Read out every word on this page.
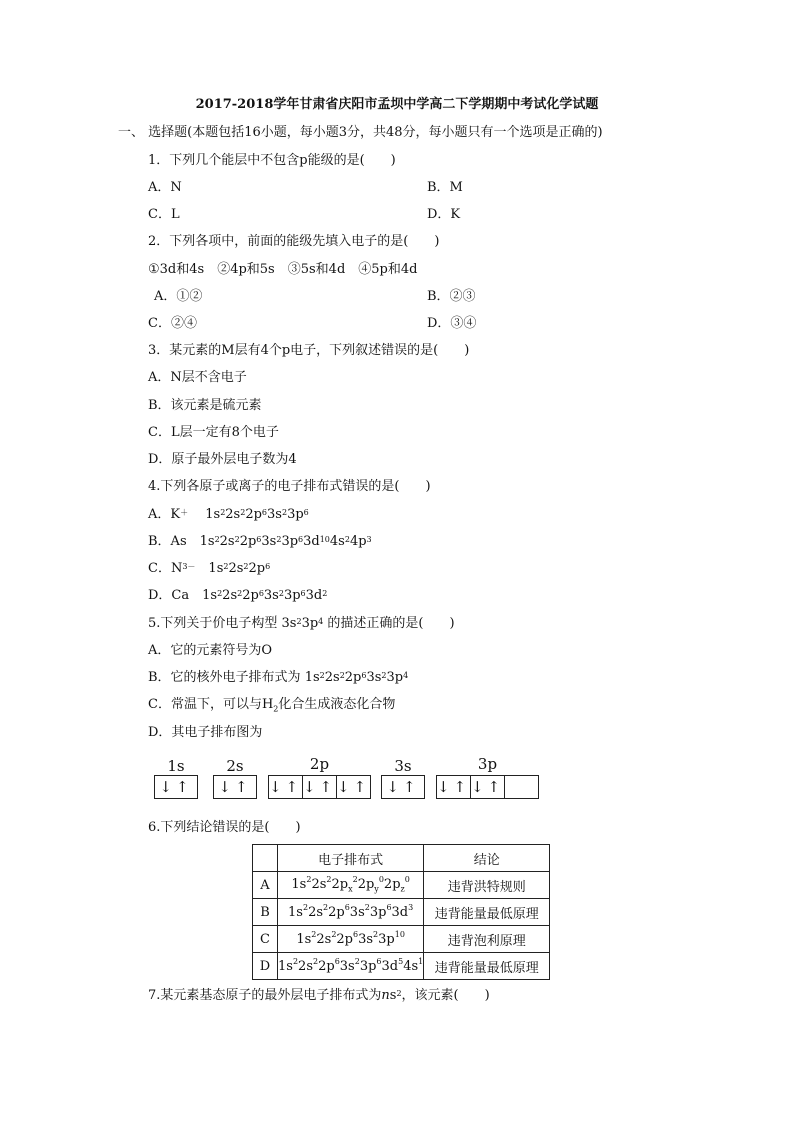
2017-2018学年甘肃省庆阳市孟坝中学高二下学期期中考试化学试题
一、 选择题(本题包括16小题，每小题3分，共48分，每小题只有一个选项是正确的)
1．下列几个能层中不包含p能级的是(　　)
A．N	B．M
C．L	D．K
2．下列各项中，前面的能级先填入电子的是(　　)
①3d和4s　②4p和5s　③5s和4d　④5p和4d
A．①②	B．②③
C．②④	D．③④
3．某元素的M层有4个p电子，下列叙述错误的是(　　)
A．N层不含电子
B．该元素是硫元素
C．L层一定有8个电子
D．原子最外层电子数为4
4.下列各原子或离子的电子排布式错误的是(　　)
A．K＋　 $1s^22s^22p^63s^23p^6$
B．As　$1s^22s^22p^63s^23p^63d^{10}4s^24p^3$
C．$N^{3-}$　$1s^22s^22p^6$
D．Ca　$1s^22s^22p^63s^23p^63d^2$
5.下列关于价电子构型 $3s^23p^4$ 的描述正确的是(　　)
A．它的元素符号为O
B．它的核外电子排布式为 $1s^22s^22p^63s^23p^4$
C．常温下，可以与$H_2$化合生成液态化合物
D．其电子排布图为
1s
↓↑
2s
↓↑
2p
↓↑ ↓↑ ↓↑
3s
↓↑
3p
↓↑ ↓↑
6.下列结论错误的是(　　)
	电子排布式	结论
A	$1s^22s^22p_x^22p_y^02p_z^0$	违背洪特规则
B	$1s^22s^22p^63s^23p^63d^3$	违背能量最低原理
C	$1s^22s^22p^63s^23p^{10}$	违背泡利原理
D	$1s^22s^22p^63s^23p^63d^54s^1$	违背能量最低原理
7.某元素基态原子的最外层电子排布式为$ns^2$，该元素(　　)
